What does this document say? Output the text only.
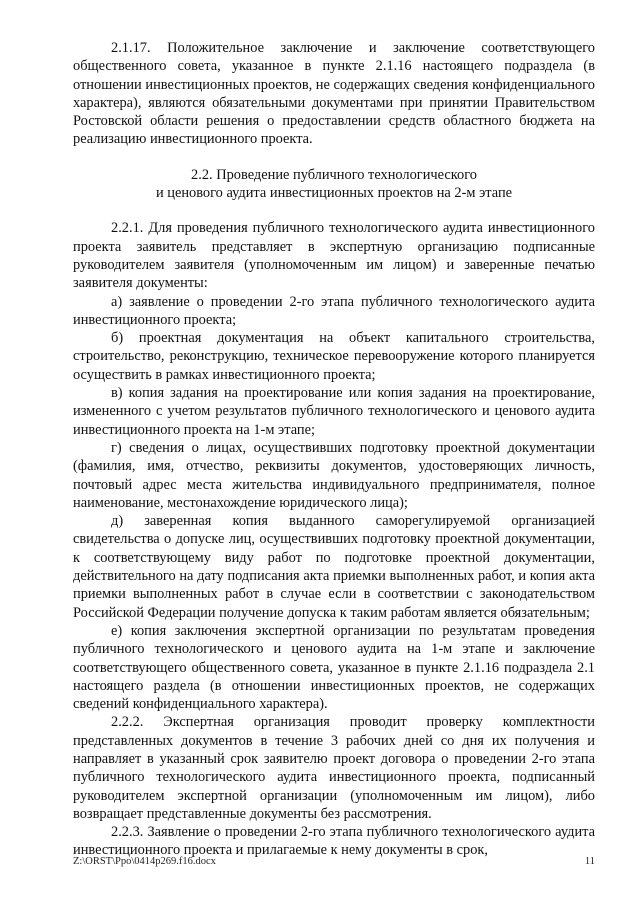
2.1.17. Положительное заключение и заключение соответствующего общественного совета, указанное в пункте 2.1.16 настоящего подраздела (в отношении инвестиционных проектов, не содержащих сведения конфиденциального характера), являются обязательными документами при принятии Правительством Ростовской области решения о предоставлении средств областного бюджета на реализацию инвестиционного проекта.

2.2. Проведение публичного технологического
и ценового аудита инвестиционных проектов на 2-м этапе

2.2.1. Для проведения публичного технологического аудита инвестиционного проекта заявитель представляет в экспертную организацию подписанные руководителем заявителя (уполномоченным им лицом) и заверенные печатью заявителя документы:

а) заявление о проведении 2-го этапа публичного технологического аудита инвестиционного проекта;

б) проектная документация на объект капитального строительства, строительство, реконструкцию, техническое перевооружение которого планируется осуществить в рамках инвестиционного проекта;

в) копия задания на проектирование или копия задания на проектирование, измененного с учетом результатов публичного технологического и ценового аудита инвестиционного проекта на 1-м этапе;

г) сведения о лицах, осуществивших подготовку проектной документации (фамилия, имя, отчество, реквизиты документов, удостоверяющих личность, почтовый адрес места жительства индивидуального предпринимателя, полное наименование, местонахождение юридического лица);

д) заверенная копия выданного саморегулируемой организацией свидетельства о допуске лиц, осуществивших подготовку проектной документации, к соответствующему виду работ по подготовке проектной документации, действительного на дату подписания акта приемки выполненных работ, и копия акта приемки выполненных работ в случае если в соответствии с законодательством Российской Федерации получение допуска к таким работам является обязательным;

е) копия заключения экспертной организации по результатам проведения публичного технологического и ценового аудита на 1-м этапе и заключение соответствующего общественного совета, указанное в пункте 2.1.16 подраздела 2.1 настоящего раздела (в отношении инвестиционных проектов, не содержащих сведений конфиденциального характера).

2.2.2. Экспертная организация проводит проверку комплектности представленных документов в течение 3 рабочих дней со дня их получения и направляет в указанный срок заявителю проект договора о проведении 2-го этапа публичного технологического аудита инвестиционного проекта, подписанный руководителем экспертной организации (уполномоченным им лицом), либо возвращает представленные документы без рассмотрения.

2.2.3. Заявление о проведении 2-го этапа публичного технологического аудита инвестиционного проекта и прилагаемые к нему документы в срок,

Z:\ORST\Ppo\0414p269.f16.docx	11
